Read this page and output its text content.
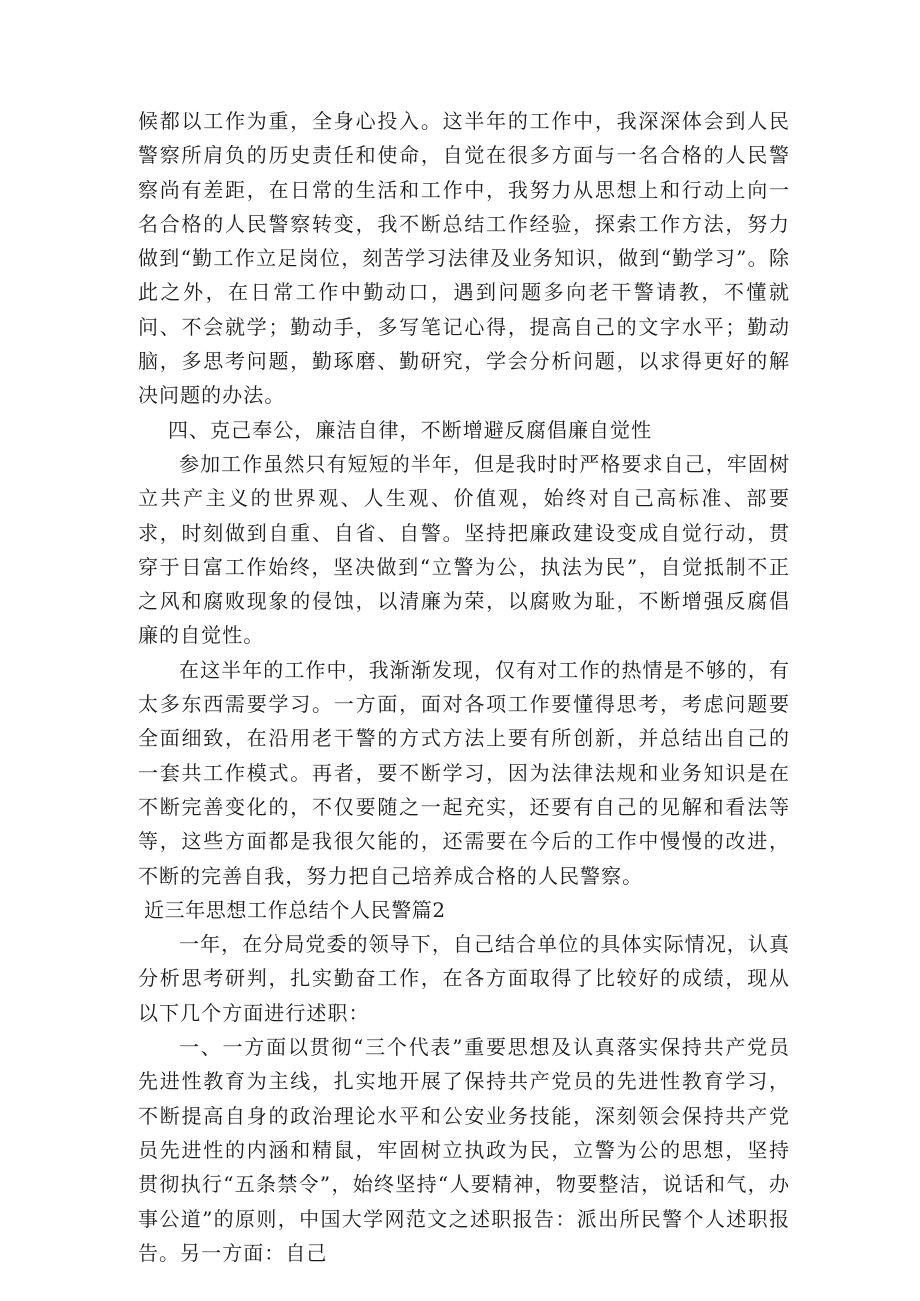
候都以工作为重，全身心投入。这半年的工作中，我深深体会到人民警察所肩负的历史责任和使命，自觉在很多方面与一名合格的人民警察尚有差距，在日常的生活和工作中，我努力从思想上和行动上向一名合格的人民警察转变，我不断总结工作经验，探索工作方法，努力做到“勤工作立足岗位，刻苦学习法律及业务知识，做到“勤学习”。除此之外，在日常工作中勤动口，遇到问题多向老干警请教，不懂就问、不会就学；勤动手，多写笔记心得，提高自己的文字水平；勤动脑，多思考问题，勤琢磨、勤研究，学会分析问题，以求得更好的解决问题的办法。

四、克己奉公，廉洁自律，不断增避反腐倡廉自觉性

参加工作虽然只有短短的半年，但是我时时严格要求自己，牢固树立共产主义的世界观、人生观、价值观，始终对自己高标准、部要求，时刻做到自重、自省、自警。坚持把廉政建设变成自觉行动，贯穿于日富工作始终，坚决做到“立警为公，执法为民”，自觉抵制不正之风和腐败现象的侵蚀，以清廉为荣，以腐败为耻，不断增强反腐倡廉的自觉性。

在这半年的工作中，我渐渐发现，仅有对工作的热情是不够的，有太多东西需要学习。一方面，面对各项工作要懂得思考，考虑问题要全面细致，在沿用老干警的方式方法上要有所创新，并总结出自己的一套共工作模式。再者，要不断学习，因为法律法规和业务知识是在不断完善变化的，不仅要随之一起充实，还要有自己的见解和看法等等，这些方面都是我很欠能的，还需要在今后的工作中慢慢的改进，不断的完善自我，努力把自己培养成合格的人民警察。

近三年思想工作总结个人民警篇2

一年，在分局党委的领导下，自己结合单位的具体实际情况，认真分析思考研判，扎实勤奋工作，在各方面取得了比较好的成绩，现从以下几个方面进行述职：

一、一方面以贯彻“三个代表”重要思想及认真落实保持共产党员先进性教育为主线，扎实地开展了保持共产党员的先进性教育学习，不断提高自身的政治理论水平和公安业务技能，深刻领会保持共产党员先进性的内涵和精鼠，牢固树立执政为民，立警为公的思想，坚持贯彻执行“五条禁令”，始终坚持“人要精神，物要整洁，说话和气，办事公道”的原则，中国大学网范文之述职报告：派出所民警个人述职报告。另一方面：自己
